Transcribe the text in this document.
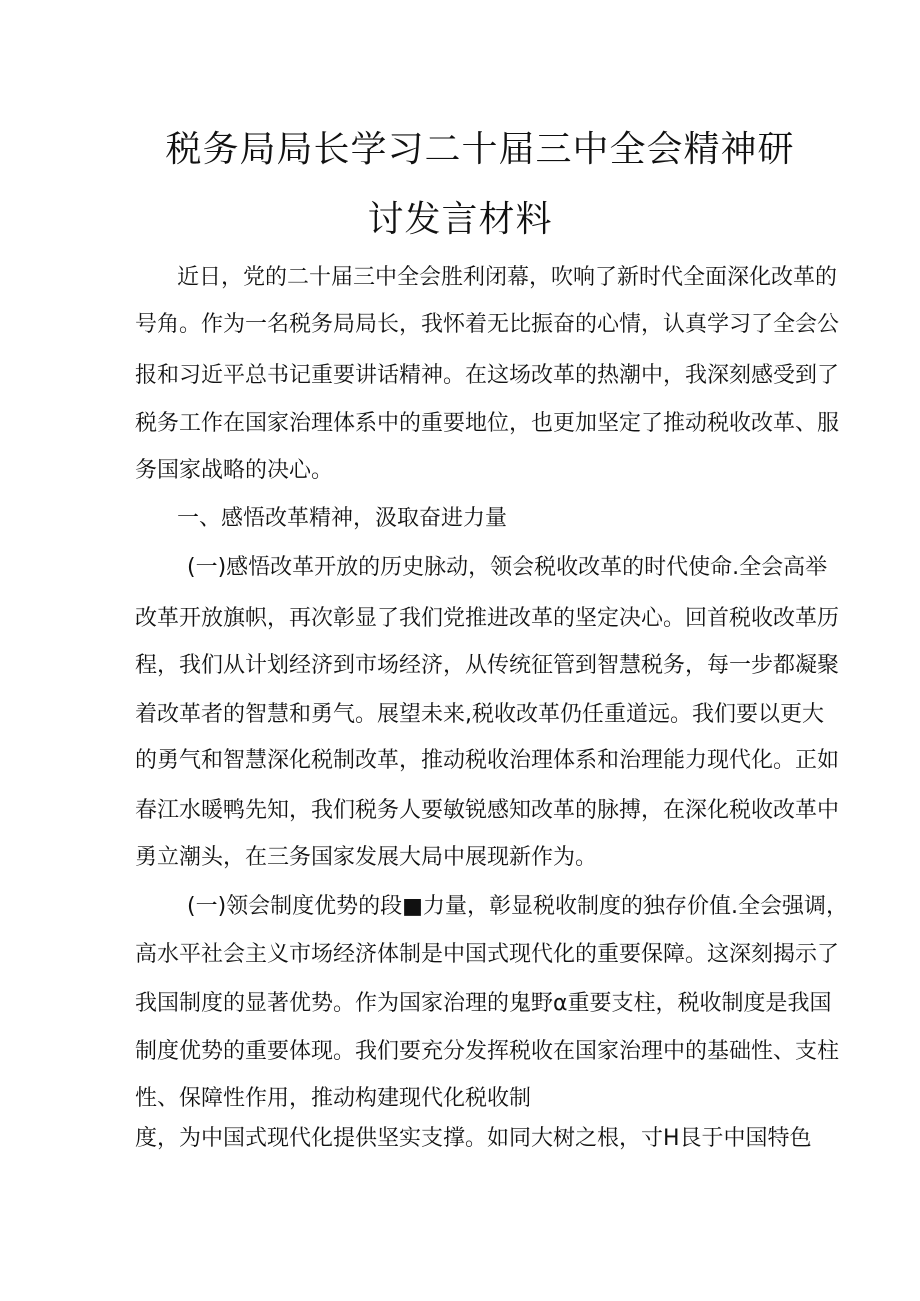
税务局局长学习二十届三中全会精神研
讨发言材料
近日，党的二十届三中全会胜利闭幕，吹响了新时代全面深化改革的
号角。作为一名税务局局长，我怀着无比振奋的心情，认真学习了全会公
报和习近平总书记重要讲话精神。在这场改革的热潮中，我深刻感受到了
税务工作在国家治理体系中的重要地位，也更加坚定了推动税收改革、服
务国家战略的决心。
一、感悟改革精神，汲取奋进力量
(一)感悟改革开放的历史脉动，领会税收改革的时代使命.全会高举
改革开放旗帜，再次彰显了我们党推进改革的坚定决心。回首税收改革历
程，我们从计划经济到市场经济，从传统征管到智慧税务，每一步都凝聚
着改革者的智慧和勇气。展望未来,税收改革仍任重道远。我们要以更大
的勇气和智慧深化税制改革，推动税收治理体系和治理能力现代化。正如
春江水暖鸭先知，我们税务人要敏锐感知改革的脉搏，在深化税收改革中
勇立潮头，在三务国家发展大局中展现新作为。
(一)领会制度优势的段■力量，彰显税收制度的独存价值.全会强调，
高水平社会主义市场经济体制是中国式现代化的重要保障。这深刻揭示了
我国制度的显著优势。作为国家治理的鬼野α重要支柱，税收制度是我国
制度优势的重要体现。我们要充分发挥税收在国家治理中的基础性、支柱
性、保障性作用，推动构建现代化税收制
度，为中国式现代化提供坚实支撑。如同大树之根，寸H艮于中国特色
